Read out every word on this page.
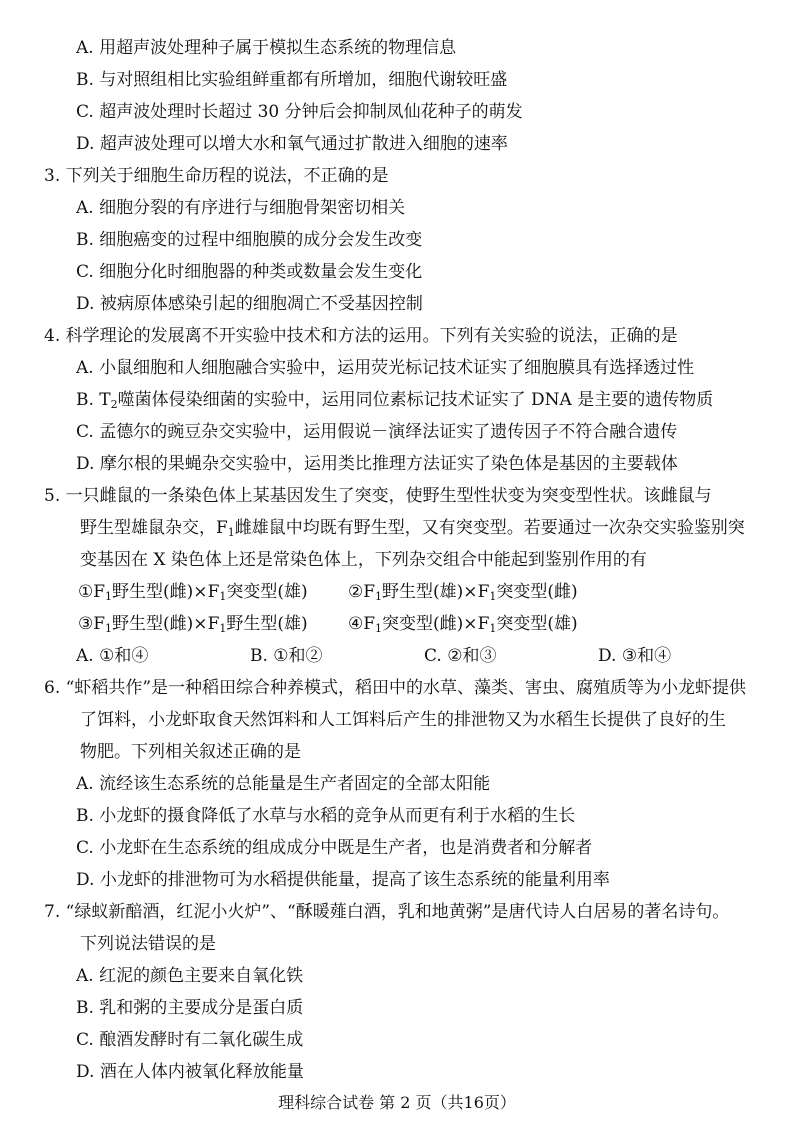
A. 用超声波处理种子属于模拟生态系统的物理信息
B. 与对照组相比实验组鲜重都有所增加，细胞代谢较旺盛
C. 超声波处理时长超过 30 分钟后会抑制凤仙花种子的萌发
D. 超声波处理可以增大水和氧气通过扩散进入细胞的速率
3. 下列关于细胞生命历程的说法，不正确的是
A. 细胞分裂的有序进行与细胞骨架密切相关
B. 细胞癌变的过程中细胞膜的成分会发生改变
C. 细胞分化时细胞器的种类或数量会发生变化
D. 被病原体感染引起的细胞凋亡不受基因控制
4. 科学理论的发展离不开实验中技术和方法的运用。下列有关实验的说法，正确的是
A. 小鼠细胞和人细胞融合实验中，运用荧光标记技术证实了细胞膜具有选择透过性
B. $T_2$噬菌体侵染细菌的实验中，运用同位素标记技术证实了 DNA 是主要的遗传物质
C. 孟德尔的豌豆杂交实验中，运用假说－演绎法证实了遗传因子不符合融合遗传
D. 摩尔根的果蝇杂交实验中，运用类比推理方法证实了染色体是基因的主要载体
5. 一只雌鼠的一条染色体上某基因发生了突变，使野生型性状变为突变型性状。该雌鼠与
野生型雄鼠杂交，$F_1$雌雄鼠中均既有野生型，又有突变型。若要通过一次杂交实验鉴别突
变基因在 X 染色体上还是常染色体上，下列杂交组合中能起到鉴别作用的有
$①F_1$野生型(雌)$\times F_1$突变型(雄) $②F_1$野生型(雄)$\times F_1$突变型(雌)
$③F_1$野生型(雌)$\times F_1$野生型(雄) $④F_1$突变型(雌)$\times F_1$突变型(雄)
A. ①和④	B. ①和②	C. ②和③	D. ③和④
6. “虾稻共作”是一种稻田综合种养模式，稻田中的水草、藻类、害虫、腐殖质等为小龙虾提供
了饵料，小龙虾取食天然饵料和人工饵料后产生的排泄物又为水稻生长提供了良好的生
物肥。下列相关叙述正确的是
A. 流经该生态系统的总能量是生产者固定的全部太阳能
B. 小龙虾的摄食降低了水草与水稻的竞争从而更有利于水稻的生长
C. 小龙虾在生态系统的组成成分中既是生产者，也是消费者和分解者
D. 小龙虾的排泄物可为水稻提供能量，提高了该生态系统的能量利用率
7. “绿蚁新醅酒，红泥小火炉”、“酥暖薤白酒，乳和地黄粥”是唐代诗人白居易的著名诗句。
下列说法错误的是
A. 红泥的颜色主要来自氧化铁
B. 乳和粥的主要成分是蛋白质
C. 酿酒发酵时有二氧化碳生成
D. 酒在人体内被氧化释放能量
理科综合试卷 第 2 页（共16页）
